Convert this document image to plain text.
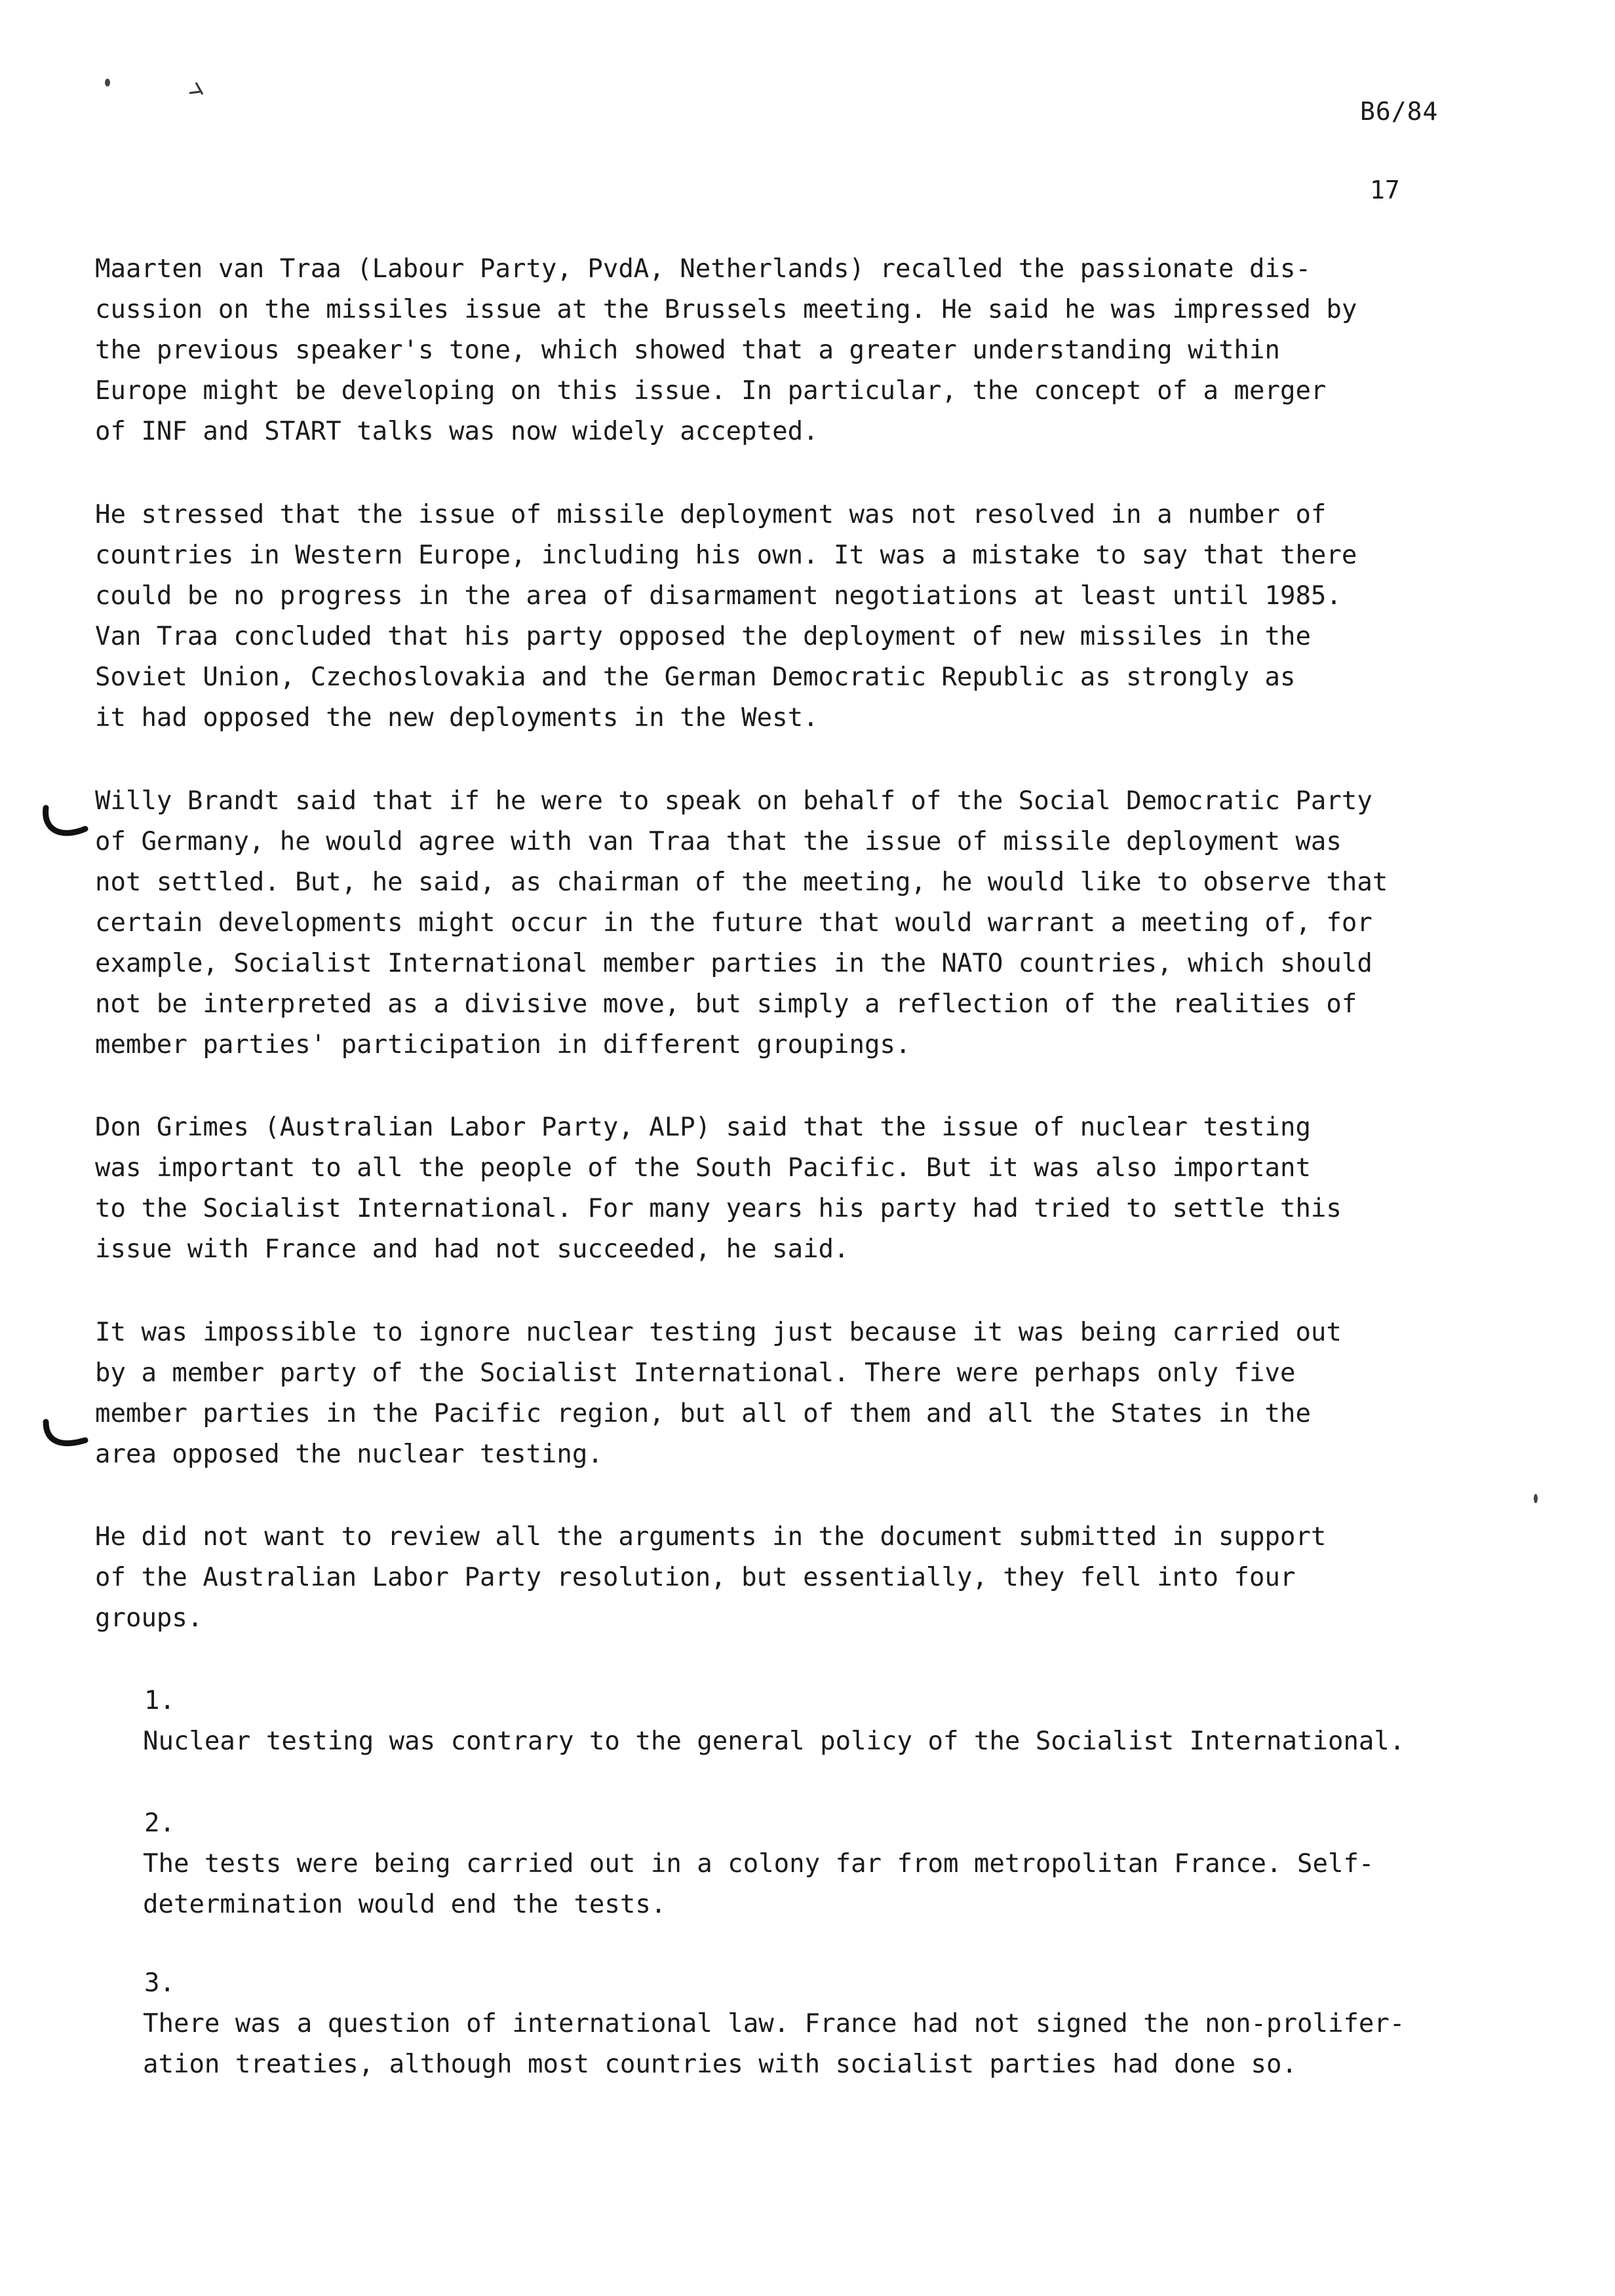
B6/84
17

Maarten van Traa (Labour Party, PvdA, Netherlands) recalled the passionate dis-
cussion on the missiles issue at the Brussels meeting. He said he was impressed by
the previous speaker's tone, which showed that a greater understanding within
Europe might be developing on this issue. In particular, the concept of a merger
of INF and START talks was now widely accepted.

He stressed that the issue of missile deployment was not resolved in a number of
countries in Western Europe, including his own. It was a mistake to say that there
could be no progress in the area of disarmament negotiations at least until 1985.
Van Traa concluded that his party opposed the deployment of new missiles in the
Soviet Union, Czechoslovakia and the German Democratic Republic as strongly as
it had opposed the new deployments in the West.

Willy Brandt said that if he were to speak on behalf of the Social Democratic Party
of Germany, he would agree with van Traa that the issue of missile deployment was
not settled. But, he said, as chairman of the meeting, he would like to observe that
certain developments might occur in the future that would warrant a meeting of, for
example, Socialist International member parties in the NATO countries, which should
not be interpreted as a divisive move, but simply a reflection of the realities of
member parties' participation in different groupings.

Don Grimes (Australian Labor Party, ALP) said that the issue of nuclear testing
was important to all the people of the South Pacific. But it was also important
to the Socialist International. For many years his party had tried to settle this
issue with France and had not succeeded, he said.

It was impossible to ignore nuclear testing just because it was being carried out
by a member party of the Socialist International. There were perhaps only five
member parties in the Pacific region, but all of them and all the States in the
area opposed the nuclear testing.

He did not want to review all the arguments in the document submitted in support
of the Australian Labor Party resolution, but essentially, they fell into four
groups.

1.

Nuclear testing was contrary to the general policy of the Socialist International.

2.

The tests were being carried out in a colony far from metropolitan France. Self-
determination would end the tests.

3.

There was a question of international law. France had not signed the non-prolifer-
ation treaties, although most countries with socialist parties had done so.
